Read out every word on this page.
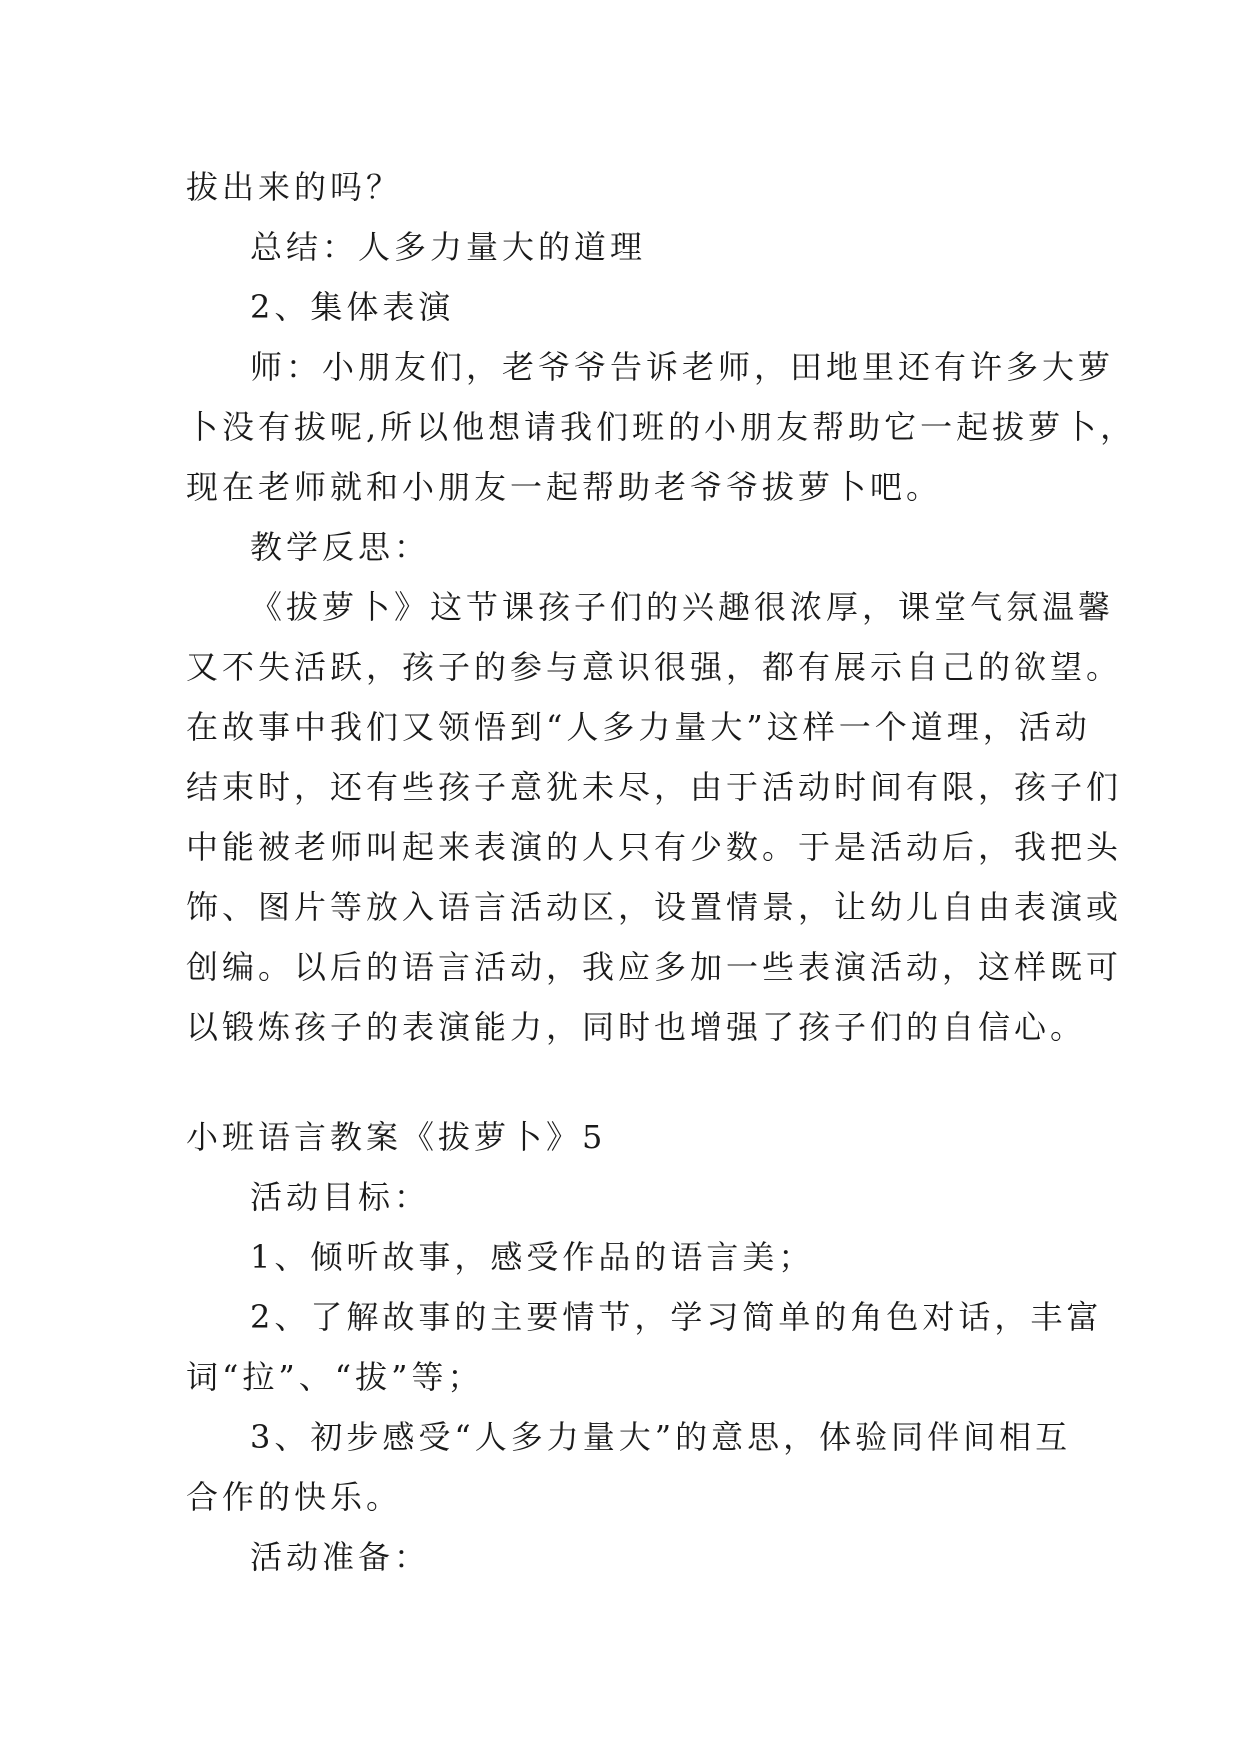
拔出来的吗？
总结：人多力量大的道理
2、集体表演
师：小朋友们，老爷爷告诉老师，田地里还有许多大萝
卜没有拔呢,所以他想请我们班的小朋友帮助它一起拔萝卜，
现在老师就和小朋友一起帮助老爷爷拔萝卜吧。
教学反思：
《拔萝卜》这节课孩子们的兴趣很浓厚，课堂气氛温馨
又不失活跃，孩子的参与意识很强，都有展示自己的欲望。
在故事中我们又领悟到“人多力量大”这样一个道理，活动
结束时，还有些孩子意犹未尽，由于活动时间有限，孩子们
中能被老师叫起来表演的人只有少数。于是活动后，我把头
饰、图片等放入语言活动区，设置情景，让幼儿自由表演或
创编。以后的语言活动，我应多加一些表演活动，这样既可
以锻炼孩子的表演能力，同时也增强了孩子们的自信心。
小班语言教案《拔萝卜》5
活动目标：
1、倾听故事，感受作品的语言美；
2、了解故事的主要情节，学习简单的角色对话，丰富
词“拉”、“拔”等；
3、初步感受“人多力量大”的意思，体验同伴间相互
合作的快乐。
活动准备：
